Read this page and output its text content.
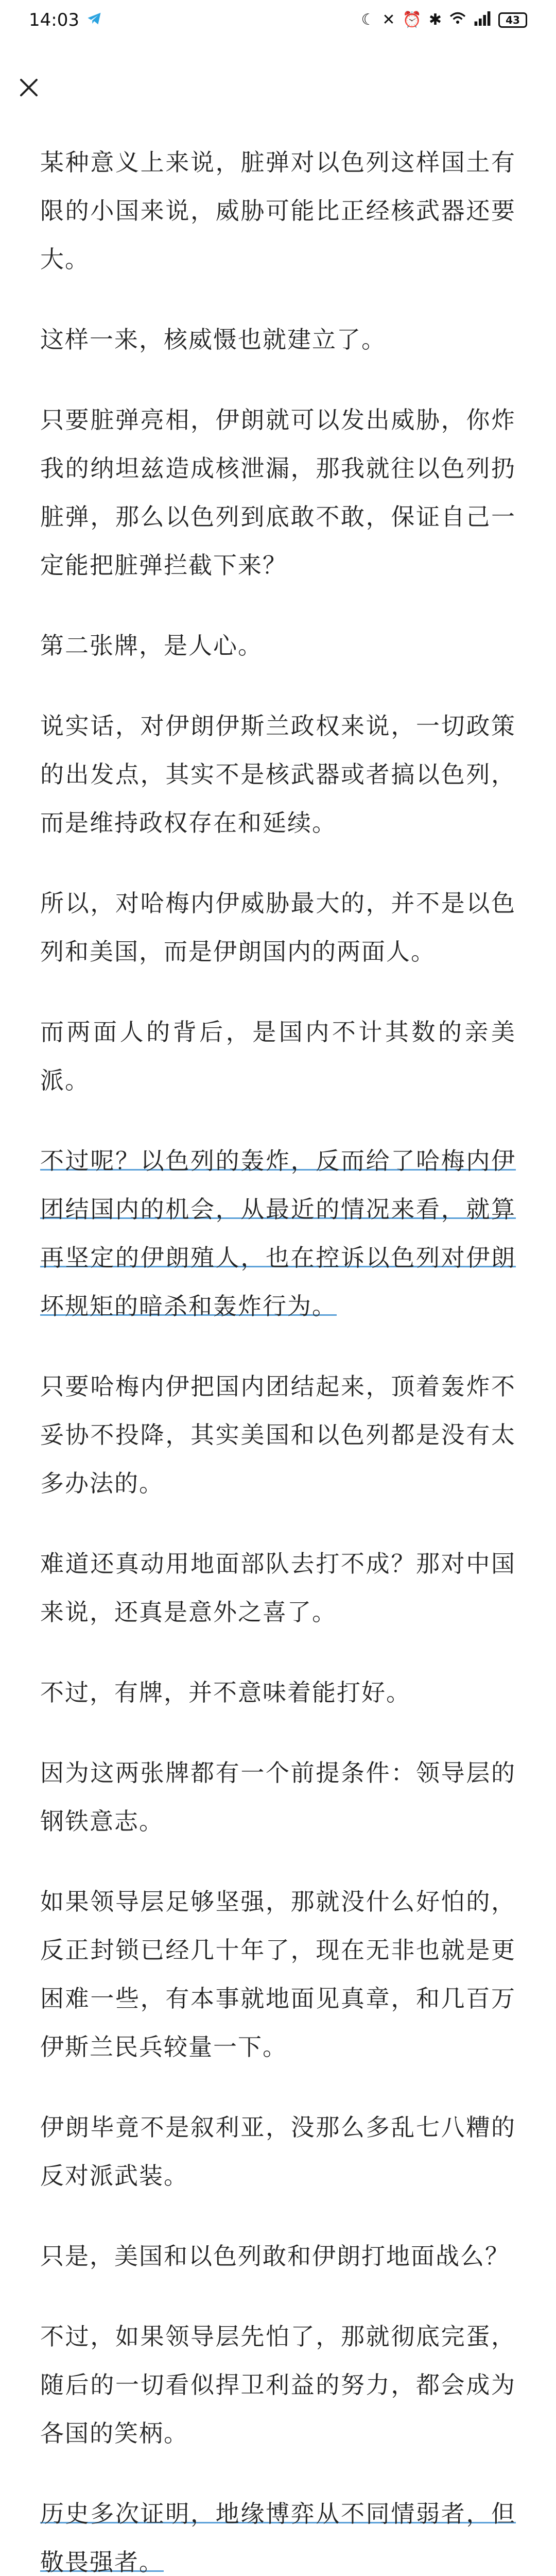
14:03	☾ ✕ ⏰ ✱	43

某种意义上来说，脏弹对以色列这样国土有限的小国来说，威胁可能比正经核武器还要大。

这样一来，核威慑也就建立了。

只要脏弹亮相，伊朗就可以发出威胁，你炸我的纳坦兹造成核泄漏，那我就往以色列扔脏弹，那么以色列到底敢不敢，保证自己一定能把脏弹拦截下来？

第二张牌，是人心。

说实话，对伊朗伊斯兰政权来说，一切政策的出发点，其实不是核武器或者搞以色列，而是维持政权存在和延续。

所以，对哈梅内伊威胁最大的，并不是以色列和美国，而是伊朗国内的两面人。

而两面人的背后，是国内不计其数的亲美派。

不过呢？以色列的轰炸，反而给了哈梅内伊团结国内的机会，从最近的情况来看，就算再坚定的伊朗殖人，也在控诉以色列对伊朗坏规矩的暗杀和轰炸行为。

只要哈梅内伊把国内团结起来，顶着轰炸不妥协不投降，其实美国和以色列都是没有太多办法的。

难道还真动用地面部队去打不成？那对中国来说，还真是意外之喜了。

不过，有牌，并不意味着能打好。

因为这两张牌都有一个前提条件：领导层的钢铁意志。

如果领导层足够坚强，那就没什么好怕的，反正封锁已经几十年了，现在无非也就是更困难一些，有本事就地面见真章，和几百万伊斯兰民兵较量一下。

伊朗毕竟不是叙利亚，没那么多乱七八糟的反对派武装。

只是，美国和以色列敢和伊朗打地面战么？

不过，如果领导层先怕了，那就彻底完蛋，随后的一切看似捍卫利益的努力，都会成为各国的笑柄。

历史多次证明，地缘博弈从不同情弱者，但敬畏强者。
